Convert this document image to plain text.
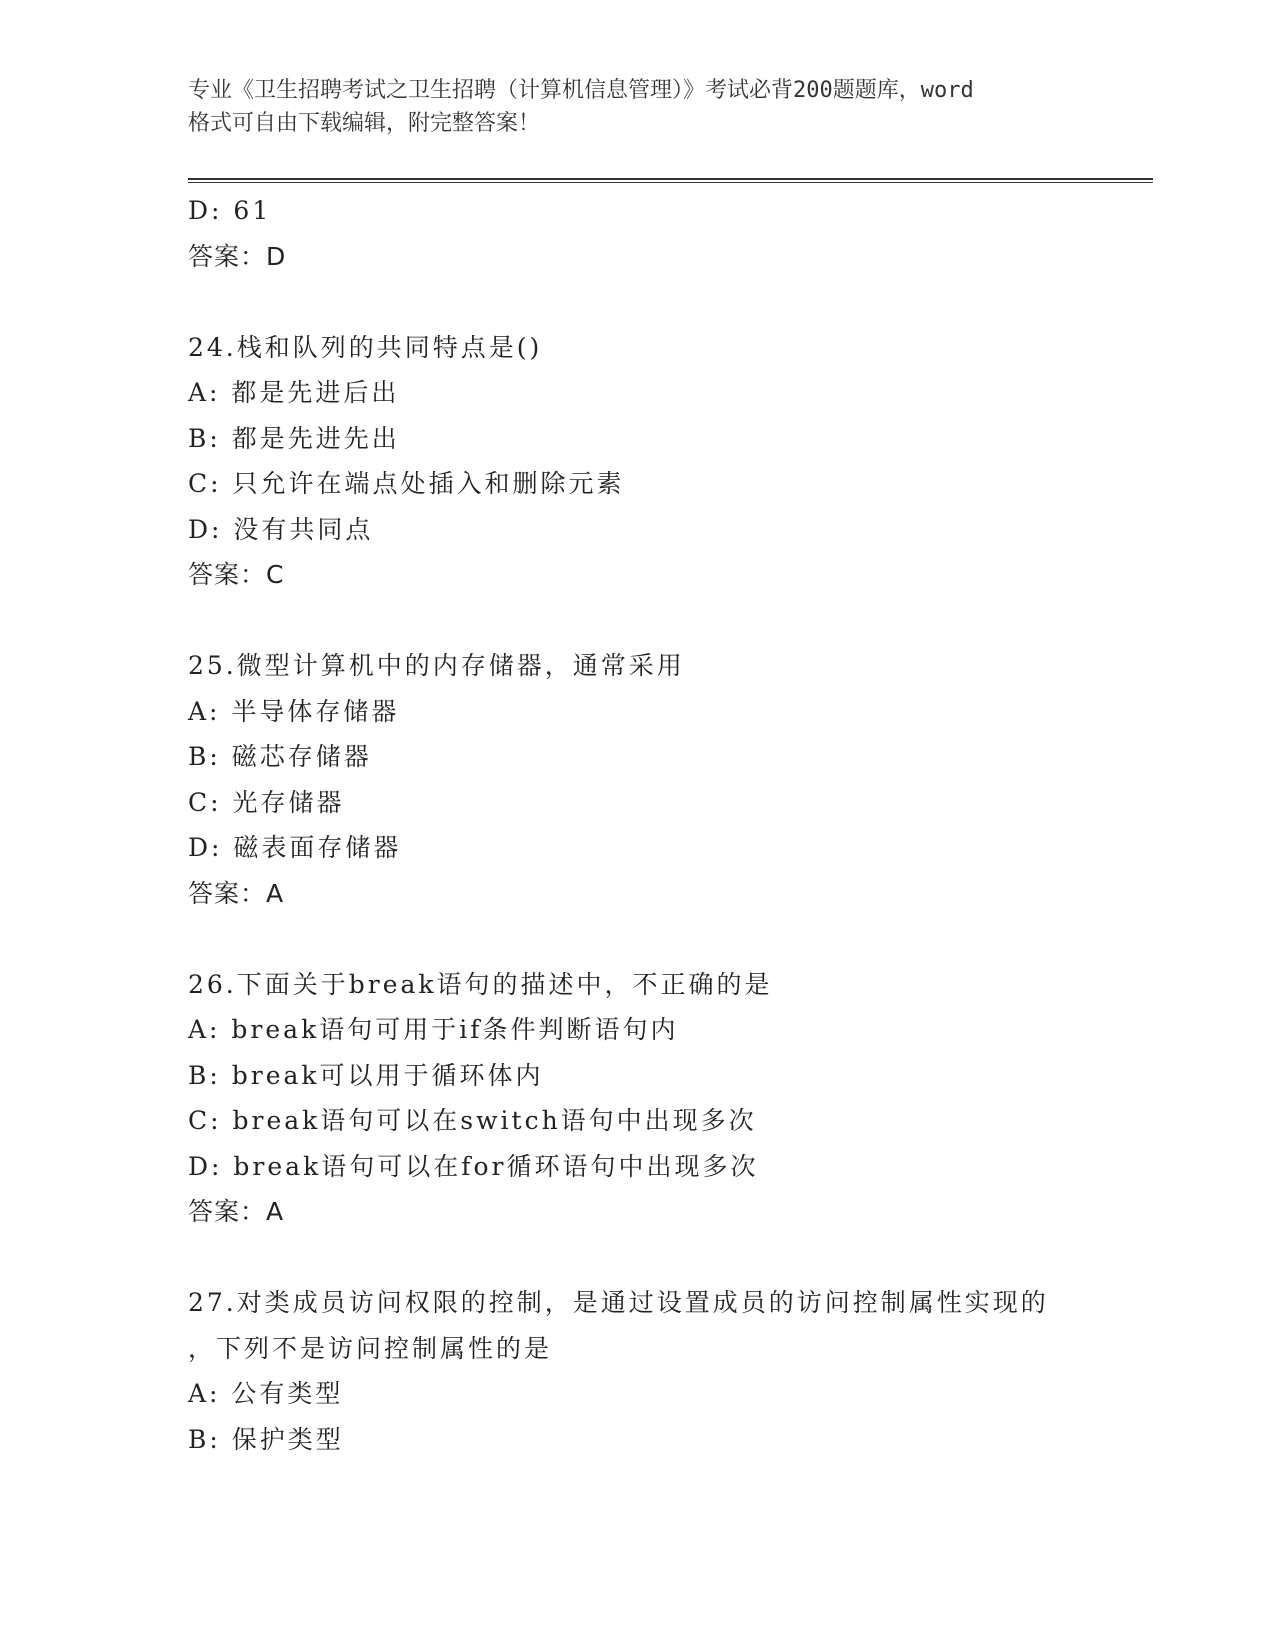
专业《卫生招聘考试之卫生招聘（计算机信息管理）》考试必背200题题库，word
格式可自由下载编辑，附完整答案！
D: 61
答案：D
24.栈和队列的共同特点是()
A: 都是先进后出
B: 都是先进先出
C: 只允许在端点处插入和删除元素
D: 没有共同点
答案：C
25.微型计算机中的内存储器，通常采用
A: 半导体存储器
B: 磁芯存储器
C: 光存储器
D: 磁表面存储器
答案：A
26.下面关于break语句的描述中，不正确的是
A: break语句可用于if条件判断语句内
B: break可以用于循环体内
C: break语句可以在switch语句中出现多次
D: break语句可以在for循环语句中出现多次
答案：A
27.对类成员访问权限的控制，是通过设置成员的访问控制属性实现的
，下列不是访问控制属性的是
A: 公有类型
B: 保护类型
